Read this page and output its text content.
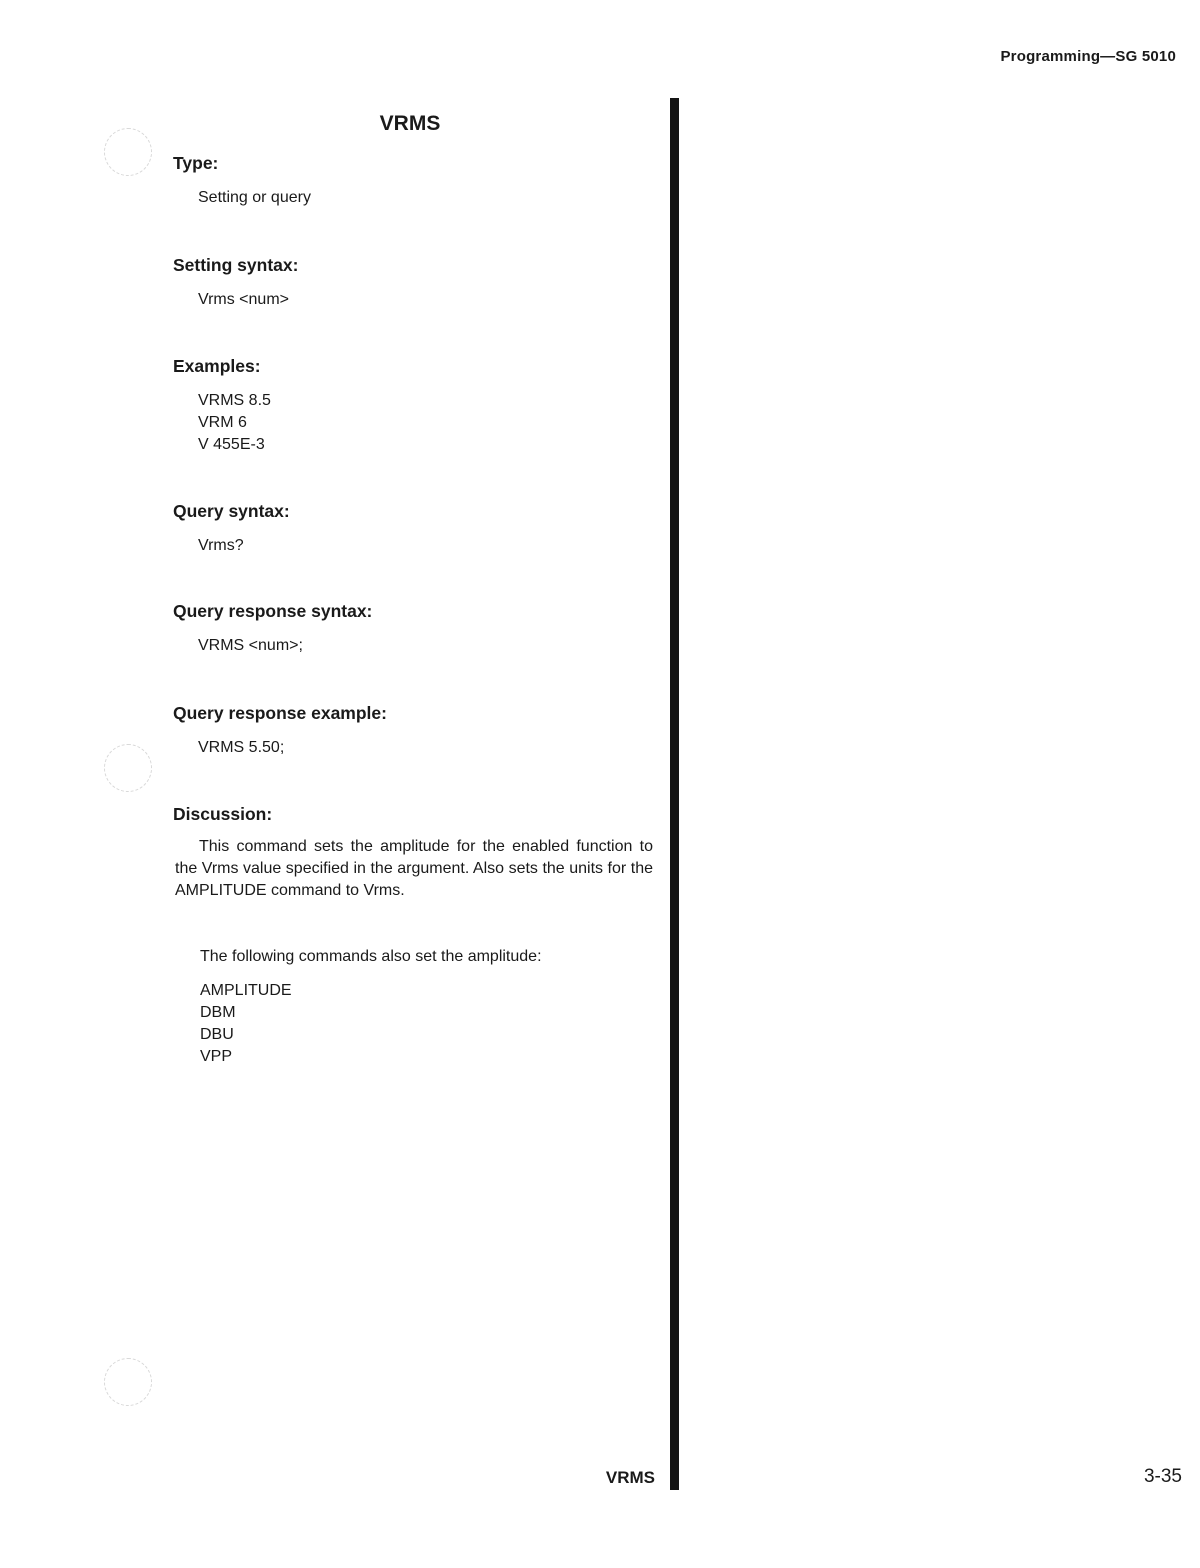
Programming—SG 5010
VRMS
Type:
Setting or query
Setting syntax:
Vrms <num>
Examples:
VRMS 8.5
VRM 6
V 455E-3
Query syntax:
Vrms?
Query response syntax:
VRMS <num>;
Query response example:
VRMS 5.50;
Discussion:
This command sets the amplitude for the enabled function to the Vrms value specified in the argument. Also sets the units for the AMPLITUDE command to Vrms.
The following commands also set the amplitude:
AMPLITUDE
DBM
DBU
VPP
VRMS	3-35
